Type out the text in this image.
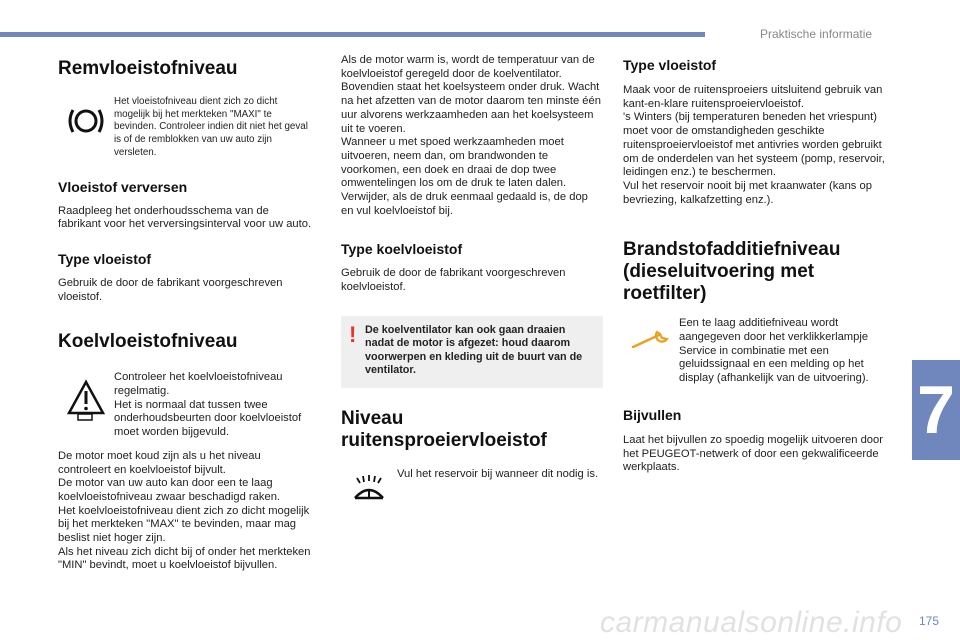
Praktische informatie
Remvloeistofniveau

Het vloeistofniveau dient zich zo dicht mogelijk bij het merkteken "MAXI" te bevinden. Controleer indien dit niet het geval is of de remblokken van uw auto zijn versleten.

Vloeistof verversen

Raadpleeg het onderhoudsschema van de fabrikant voor het verversingsinterval voor uw auto.

Type vloeistof

Gebruik de door de fabrikant voorgeschreven vloeistof.

Koelvloeistofniveau

Controleer het koelvloeistofniveau regelmatig.

Het is normaal dat tussen twee onderhoudsbeurten door koelvloeistof moet worden bijgevuld.

De motor moet koud zijn als u het niveau controleert en koelvloeistof bijvult.

De motor van uw auto kan door een te laag koelvloeistofniveau zwaar beschadigd raken.

Het koelvloeistofniveau dient zich zo dicht mogelijk bij het merkteken "MAX" te bevinden, maar mag beslist niet hoger zijn.

Als het niveau zich dicht bij of onder het merkteken "MIN" bevindt, moet u koelvloeistof bijvullen.

Als de motor warm is, wordt de temperatuur van de koelvloeistof geregeld door de koelventilator.

Bovendien staat het koelsysteem onder druk. Wacht na het afzetten van de motor daarom ten minste één uur alvorens werkzaamheden aan het koelsysteem uit te voeren.

Wanneer u met spoed werkzaamheden moet uitvoeren, neem dan, om brandwonden te voorkomen, een doek en draai de dop twee omwentelingen los om de druk te laten dalen. Verwijder, als de druk eenmaal gedaald is, de dop en vul koelvloeistof bij.

Type koelvloeistof

Gebruik de door de fabrikant voorgeschreven koelvloeistof.

! De koelventilator kan ook gaan draaien nadat de motor is afgezet: houd daarom voorwerpen en kleding uit de buurt van de ventilator.

Niveau ruitensproeiervloeistof

Vul het reservoir bij wanneer dit nodig is.

Type vloeistof

Maak voor de ruitensproeiers uitsluitend gebruik van kant-en-klare ruitensproeiervloeistof.

's Winters (bij temperaturen beneden het vriespunt) moet voor de omstandigheden geschikte ruitensproeiervloeistof met antivries worden gebruikt om de onderdelen van het systeem (pomp, reservoir, leidingen enz.) te beschermen.

Vul het reservoir nooit bij met kraanwater (kans op bevriezing, kalkafzetting enz.).

Brandstofadditiefniveau (dieseluitvoering met roetfilter)

Een te laag additiefniveau wordt aangegeven door het verklikkerlampje Service in combinatie met een geluidssignaal en een melding op het display (afhankelijk van de uitvoering).

Bijvullen

Laat het bijvullen zo spoedig mogelijk uitvoeren door het PEUGEOT-netwerk of door een gekwalificeerde werkplaats.

7
carmanualsonline.info 175
